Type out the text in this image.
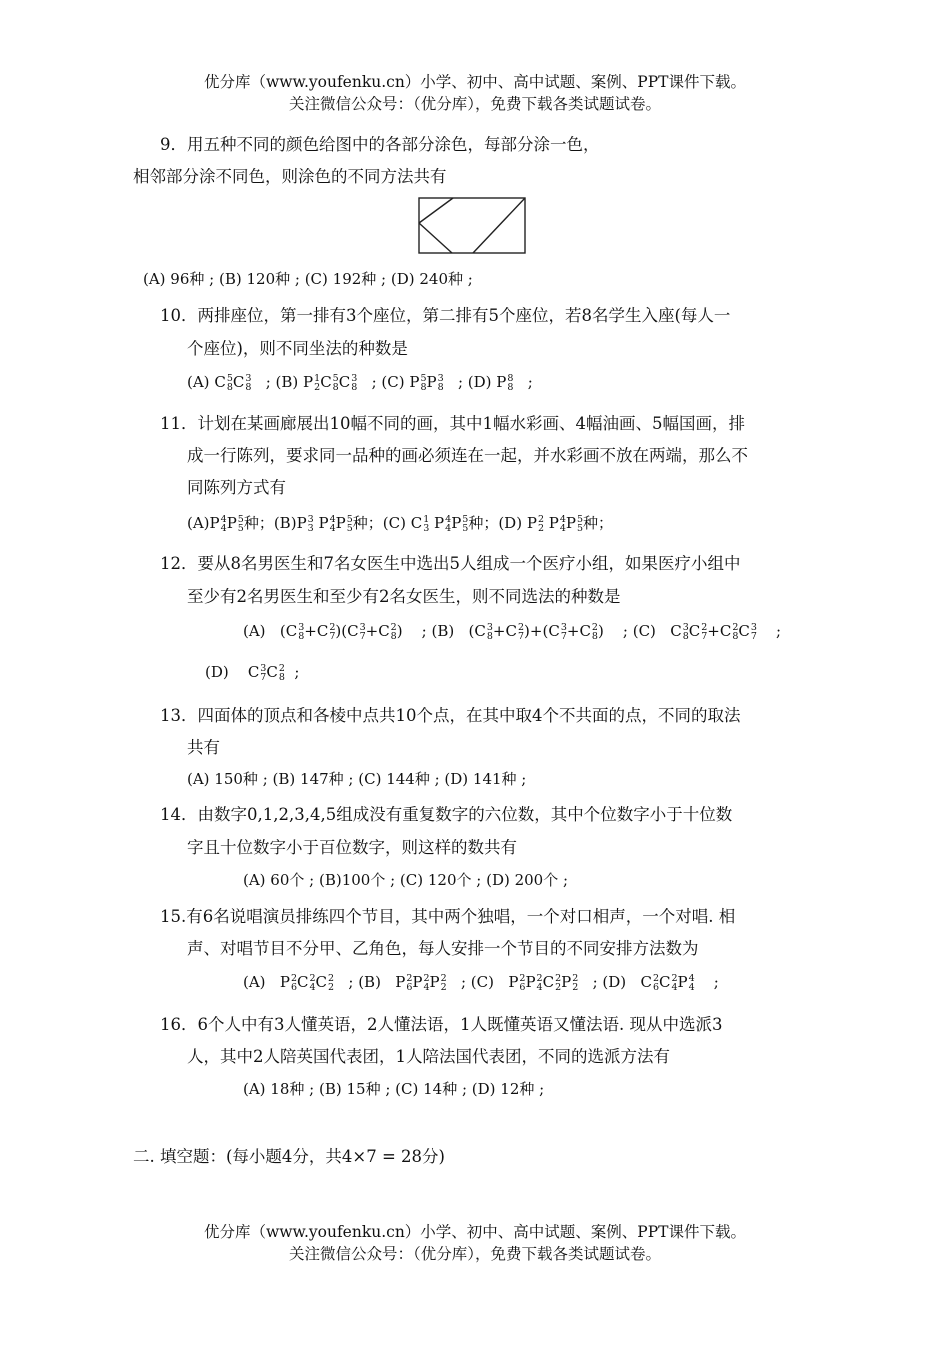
优分库（www.youfenku.cn）小学、初中、高中试题、案例、PPT课件下载。
关注微信公众号：（优分库），免费下载各类试题试卷。
9．用五种不同的颜色给图中的各部分涂色，每部分涂一色，
相邻部分涂不同色，则涂色的不同方法共有
(A) 96种 ; (B) 120种 ; (C) 192种 ; (D) 240种 ;
10．两排座位，第一排有3个座位，第二排有5个座位，若8名学生入座(每人一
个座位)，则不同坐法的种数是
(A) C 5
8 C 3
8 ; (B) P 1
2 C 5
8 C 3
8 ; (C) P 5
8 P 3
8 ; (D) P 8
8 ;
11．计划在某画廊展出10幅不同的画，其中1幅水彩画、4幅油画、5幅国画，排
成一行陈列，要求同一品种的画必须连在一起，并水彩画不放在两端，那么不
同陈列方式有
(A)P 4
4 P 5
5 种；(B)P 3
3 P 4
4 P 5
5 种；(C) C 1
3 P 4
4 P 5
5 种；(D) P 2
2 P 4
4 P 5
5 种；
12．要从8名男医生和7名女医生中选出5人组成一个医疗小组，如果医疗小组中
至少有2名男医生和至少有2名女医生，则不同选法的种数是
(A) (C 3
8 +C 2
7 )(C 3
7 +C 2
8 ) ; (B) (C 3
8 +C 2
7 )+(C 3
7 +C 2
8 ) ; (C) C 3
8 C 2
7 +C 2
8 C 3
7 ;
(D) C 3
7 C 2
8 ;
13．四面体的顶点和各棱中点共10个点，在其中取4个不共面的点，不同的取法
共有
(A) 150种 ; (B) 147种 ; (C) 144种 ; (D) 141种 ;
14．由数字0,1,2,3,4,5组成没有重复数字的六位数，其中个位数字小于十位数
字且十位数字小于百位数字，则这样的数共有
(A) 60个 ; (B)100个 ; (C) 120个 ; (D) 200个 ;
15.有6名说唱演员排练四个节目，其中两个独唱，一个对口相声，一个对唱. 相
声、对唱节目不分甲、乙角色，每人安排一个节目的不同安排方法数为
(A) P 2
6 C 2
4 C 2
2 ; (B) P 2
6 P 2
4 P 2
2 ; (C) P 2
6 P 2
4 C 2
2 P 2
2 ; (D) C 2
6 C 2
4 P 4
4 ;
16．6个人中有3人懂英语，2人懂法语，1人既懂英语又懂法语. 现从中选派3
人，其中2人陪英国代表团，1人陪法国代表团，不同的选派方法有
(A) 18种 ; (B) 15种 ; (C) 14种 ; (D) 12种 ;
二. 填空题：(每小题4分，共4×7 = 28分)
优分库（www.youfenku.cn）小学、初中、高中试题、案例、PPT课件下载。
关注微信公众号：（优分库），免费下载各类试题试卷。
